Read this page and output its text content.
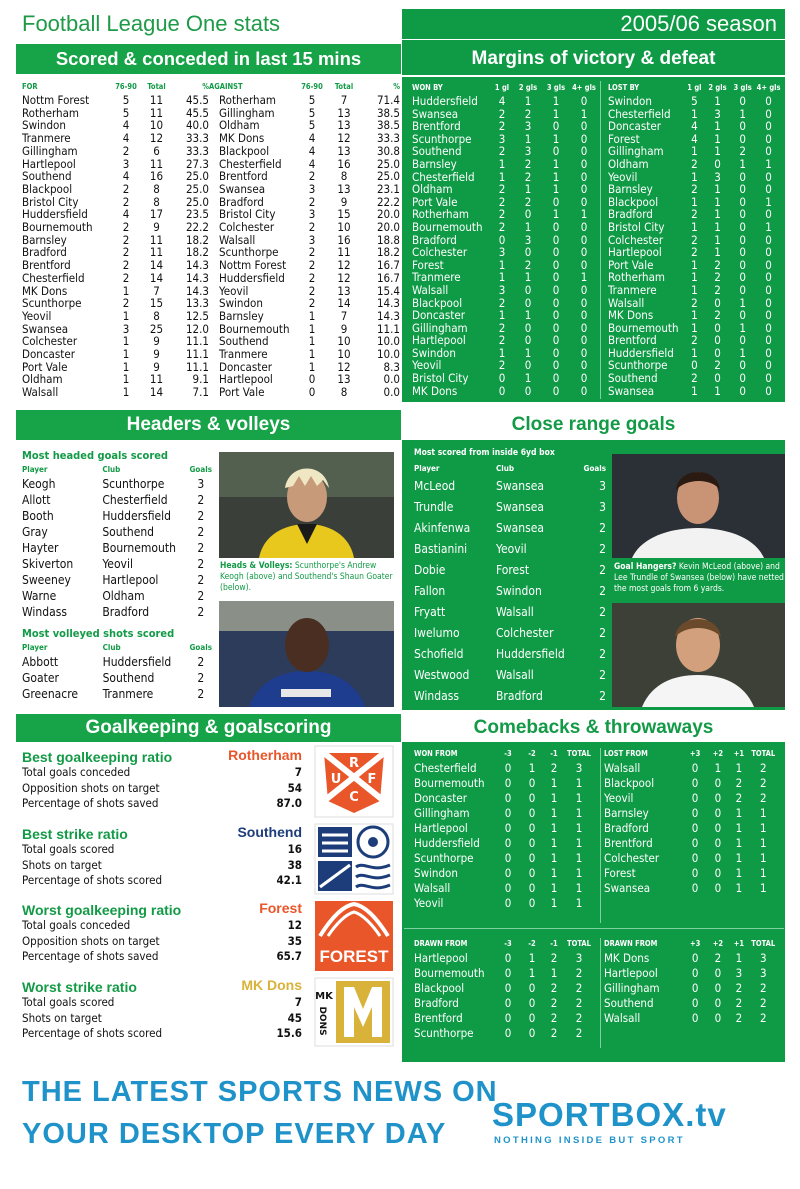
Football League One stats	2005/06 season
Scored & conceded in last 15 mins
FOR	76-90	Total	%	AGAINST	76-90	Total	%
Nottm Forest	5	11	45.5	Rotherham	5	7	71.4
Rotherham	5	11	45.5	Gillingham	5	13	38.5
Swindon	4	10	40.0	Oldham	5	13	38.5
Tranmere	4	12	33.3	MK Dons	4	12	33.3
Gillingham	2	6	33.3	Blackpool	4	13	30.8
Hartlepool	3	11	27.3	Chesterfield	4	16	25.0
Southend	4	16	25.0	Brentford	2	8	25.0
Blackpool	2	8	25.0	Swansea	3	13	23.1
Bristol City	2	8	25.0	Bradford	2	9	22.2
Huddersfield	4	17	23.5	Bristol City	3	15	20.0
Bournemouth	2	9	22.2	Colchester	2	10	20.0
Barnsley	2	11	18.2	Walsall	3	16	18.8
Bradford	2	11	18.2	Scunthorpe	2	11	18.2
Brentford	2	14	14.3	Nottm Forest	2	12	16.7
Chesterfield	2	14	14.3	Huddersfield	2	12	16.7
MK Dons	1	7	14.3	Yeovil	2	13	15.4
Scunthorpe	2	15	13.3	Swindon	2	14	14.3
Yeovil	1	8	12.5	Barnsley	1	7	14.3
Swansea	3	25	12.0	Bournemouth	1	9	11.1
Colchester	1	9	11.1	Southend	1	10	10.0
Doncaster	1	9	11.1	Tranmere	1	10	10.0
Port Vale	1	9	11.1	Doncaster	1	12	8.3
Oldham	1	11	9.1	Hartlepool	0	13	0.0
Walsall	1	14	7.1	Port Vale	0	8	0.0
Margins of victory & defeat
WON BY	1 gl	2 gls	3 gls	4+ gls
Huddersfield	4	1	1	0
Swansea	2	2	1	1
Brentford	2	3	0	0
Scunthorpe	3	1	1	0
Southend	2	3	0	0
Barnsley	1	2	1	0
Chesterfield	1	2	1	0
Oldham	2	1	1	0
Port Vale	2	2	0	0
Rotherham	2	0	1	1
Bournemouth	2	1	0	0
Bradford	0	3	0	0
Colchester	3	0	0	0
Forest	1	2	0	0
Tranmere	1	1	0	1
Walsall	3	0	0	0
Blackpool	2	0	0	0
Doncaster	1	1	0	0
Gillingham	2	0	0	0
Hartlepool	2	0	0	0
Swindon	1	1	0	0
Yeovil	2	0	0	0
Bristol City	0	1	0	0
MK Dons	0	0	0	0
LOST BY	1 gl	2 gls	3 gls	4+ gls
Swindon	5	1	0	0
Chesterfield	1	3	1	0
Doncaster	4	1	0	0
Forest	4	1	0	0
Gillingham	1	1	2	0
Oldham	2	0	1	1
Yeovil	1	3	0	0
Barnsley	2	1	0	0
Blackpool	1	1	0	1
Bradford	2	1	0	0
Bristol City	1	1	0	1
Colchester	2	1	0	0
Hartlepool	2	1	0	0
Port Vale	1	2	0	0
Rotherham	1	2	0	0
Tranmere	1	2	0	0
Walsall	2	0	1	0
MK Dons	1	2	0	0
Bournemouth	1	0	1	0
Brentford	2	0	0	0
Huddersfield	1	0	1	0
Scunthorpe	0	2	0	0
Southend	2	0	0	0
Swansea	1	1	0	0
Headers & volleys
Most headed goals scored
Player	Club	Goals
Keogh	Scunthorpe	3
Allott	Chesterfield	2
Booth	Huddersfield	2
Gray	Southend	2
Hayter	Bournemouth	2
Skiverton	Yeovil	2
Sweeney	Hartlepool	2
Warne	Oldham	2
Windass	Bradford	2
Most volleyed shots scored
Player	Club	Goals
Abbott	Huddersfield	2
Goater	Southend	2
Greenacre	Tranmere	2
Heads & Volleys: Scunthorpe's Andrew Keogh (above) and Southend's Shaun Goater (below).
Close range goals
Most scored from inside 6yd box
Player	Club	Goals
McLeod	Swansea	3
Trundle	Swansea	3
Akinfenwa	Swansea	2
Bastianini	Yeovil	2
Dobie	Forest	2
Fallon	Swindon	2
Fryatt	Walsall	2
Iwelumo	Colchester	2
Schofield	Huddersfield	2
Westwood	Walsall	2
Windass	Bradford	2
Goal Hangers? Kevin McLeod (above) and Lee Trundle of Swansea (below) have netted the most goals from 6 yards.
Goalkeeping & goalscoring
Best goalkeeping ratio	Rotherham
Total goals conceded	7
Opposition shots on target	54
Percentage of shots saved	87.0
Best strike ratio	Southend
Total goals scored	16
Shots on target	38
Percentage of shots scored	42.1
Worst goalkeeping ratio	Forest
Total goals conceded	12
Opposition shots on target	35
Percentage of shots saved	65.7
Worst strike ratio	MK Dons
Total goals scored	7
Shots on target	45
Percentage of shots scored	15.6
R
U F
C
FOREST
MK
DONS
Comebacks & throwaways
WON FROM	-3	-2	-1	TOTAL
Chesterfield	0	1	2	3
Bournemouth	0	0	1	1
Doncaster	0	0	1	1
Gillingham	0	0	1	1
Hartlepool	0	0	1	1
Huddersfield	0	0	1	1
Scunthorpe	0	0	1	1
Swindon	0	0	1	1
Walsall	0	0	1	1
Yeovil	0	0	1	1
LOST FROM	+3	+2	+1	TOTAL
Walsall	0	1	1	2
Blackpool	0	0	2	2
Yeovil	0	0	2	2
Barnsley	0	0	1	1
Bradford	0	0	1	1
Brentford	0	0	1	1
Colchester	0	0	1	1
Forest	0	0	1	1
Swansea	0	0	1	1
DRAWN FROM	-3	-2	-1	TOTAL
Hartlepool	0	1	2	3
Bournemouth	0	1	1	2
Blackpool	0	0	2	2
Bradford	0	0	2	2
Brentford	0	0	2	2
Scunthorpe	0	0	2	2
DRAWN FROM	+3	+2	+1	TOTAL
MK Dons	0	2	1	3
Hartlepool	0	0	3	3
Gillingham	0	0	2	2
Southend	0	0	2	2
Walsall	0	0	2	2
THE LATEST SPORTS NEWS ON
YOUR DESKTOP EVERY DAY
SPORTBOX.tv
NOTHING INSIDE BUT SPORT
